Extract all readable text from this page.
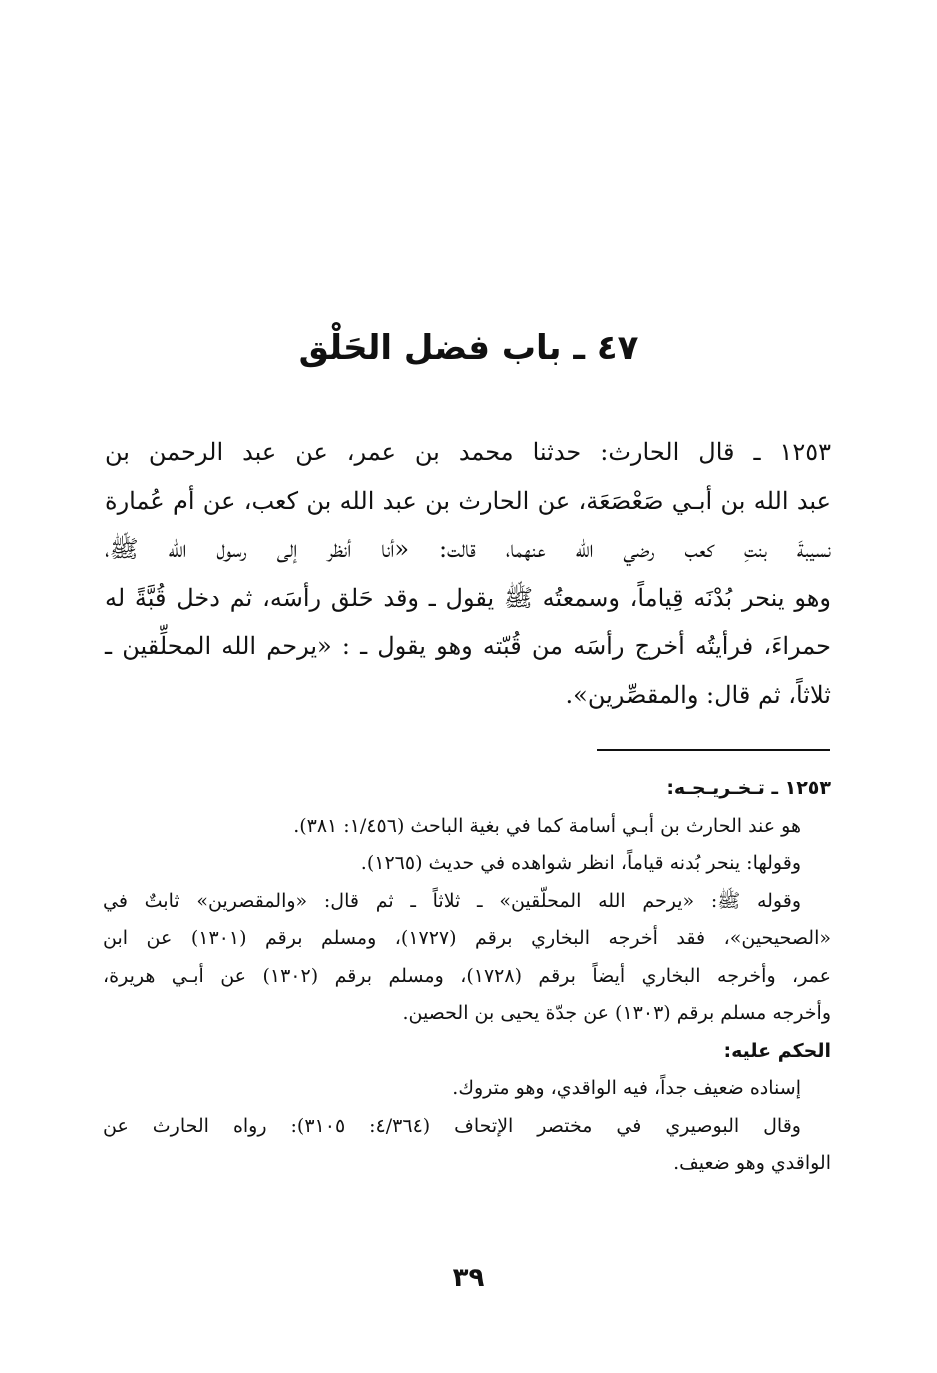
٤٧ ـ باب فضل الحَلْق
١٢٥٣ ـ قال الحارث: حدثنا محمد بن عمر، عن عبد الرحمن بن
عبد الله بن أبـي صَعْصَعَة، عن الحارث بن عبد الله بن كعب، عن أم عُمارة
نسيبةَ بنتِ كعب رضي الله عنهما، قالت: «أنا أنظر إلى رسول الله ﷺ،
وهو ينحر بُدْنَه قِياماً، وسمعتُه ﷺ يقول ـ وقد حَلق رأسَه، ثم دخل قُبَّةً له
حمراءَ، فرأيتُه أخرج رأسَه من قُبّته وهو يقول ـ : «يرحم الله المحلِّقين ـ
ثلاثاً، ثم قال: والمقصِّرين».
١٢٥٣ ـ تـخـريـجـه:
هو عند الحارث بن أبـي أسامة كما في بغية الباحث (١/٤٥٦: ٣٨١).
وقولها: ينحر بُدنه قياماً، انظر شواهده في حديث (١٢٦٥).
وقوله ﷺ: «يرحم الله المحلّقين» ـ ثلاثاً ـ ثم قال: «والمقصرين» ثابتٌ في
«الصحيحين»، فقد أخرجه البخاري برقم (١٧٢٧)، ومسلم برقم (١٣٠١) عن ابن
عمر، وأخرجه البخاري أيضاً برقم (١٧٢٨)، ومسلم برقم (١٣٠٢) عن أبـي هريرة،
وأخرجه مسلم برقم (١٣٠٣) عن جدّة يحيى بن الحصين.
الحكم عليه:
إسناده ضعيف جداً، فيه الواقدي، وهو متروك.
وقال البوصيري في مختصر الإتحاف (٤/٣٦٤: ٣١٠٥): رواه الحارث عن
الواقدي وهو ضعيف.
٣٩
